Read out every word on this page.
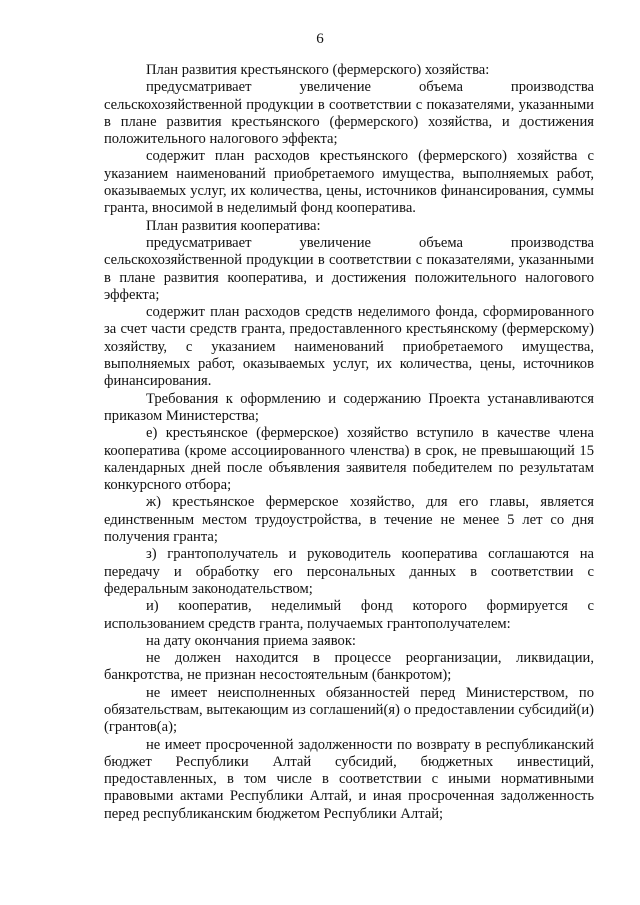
6

План развития крестьянского (фермерского) хозяйства:

предусматривает увеличение объема производства сельскохозяйственной продукции в соответствии с показателями, указанными в плане развития крестьянского (фермерского) хозяйства, и достижения положительного налогового эффекта;

содержит план расходов крестьянского (фермерского) хозяйства с указанием наименований приобретаемого имущества, выполняемых работ, оказываемых услуг, их количества, цены, источников финансирования, суммы гранта, вносимой в неделимый фонд кооператива.

План развития кооператива:

предусматривает увеличение объема производства сельскохозяйственной продукции в соответствии с показателями, указанными в плане развития кооператива, и достижения положительного налогового эффекта;

содержит план расходов средств неделимого фонда, сформированного за счет части средств гранта, предоставленного крестьянскому (фермерскому) хозяйству, с указанием наименований приобретаемого имущества, выполняемых работ, оказываемых услуг, их количества, цены, источников финансирования.

Требования к оформлению и содержанию Проекта устанавливаются приказом Министерства;

е) крестьянское (фермерское) хозяйство вступило в качестве члена кооператива (кроме ассоциированного членства) в срок, не превышающий 15 календарных дней после объявления заявителя победителем по результатам конкурсного отбора;

ж) крестьянское фермерское хозяйство, для его главы, является единственным местом трудоустройства, в течение не менее 5 лет со дня получения гранта;

з) грантополучатель и руководитель кооператива соглашаются на передачу и обработку его персональных данных в соответствии с федеральным законодательством;

и) кооператив, неделимый фонд которого формируется с использованием средств гранта, получаемых грантополучателем:

на дату окончания приема заявок:

не должен находится в процессе реорганизации, ликвидации, банкротства, не признан несостоятельным (банкротом);

не имеет неисполненных обязанностей перед Министерством, по обязательствам, вытекающим из соглашений(я) о предоставлении субсидий(и) (грантов(а);

не имеет просроченной задолженности по возврату в республиканский бюджет Республики Алтай субсидий, бюджетных инвестиций, предоставленных, в том числе в соответствии с иными нормативными правовыми актами Республики Алтай, и иная просроченная задолженность перед республиканским бюджетом Республики Алтай;
